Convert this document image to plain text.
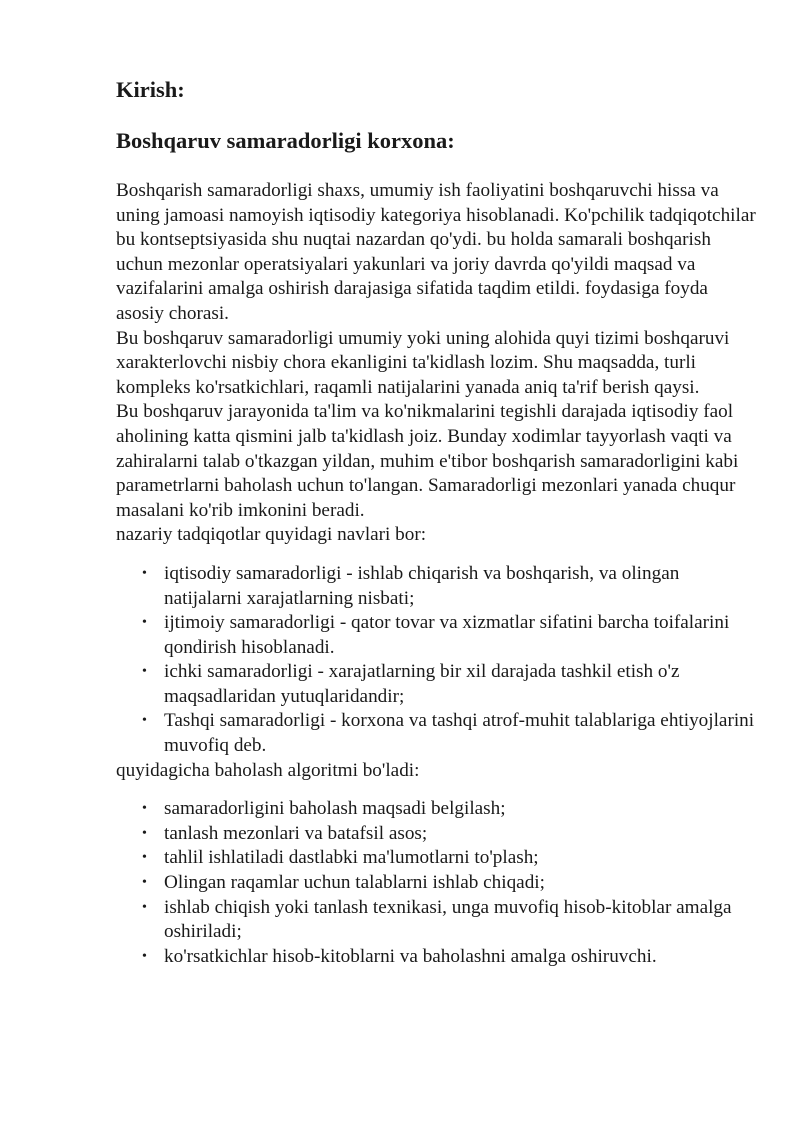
Kirish:
Boshqaruv samaradorligi korxona:

Boshqarish samaradorligi shaxs, umumiy ish faoliyatini boshqaruvchi hissa va uning jamoasi namoyish iqtisodiy kategoriya hisoblanadi. Ko'pchilik tadqiqotchilar bu kontseptsiyasida shu nuqtai nazardan qo'ydi. bu holda samarali boshqarish uchun mezonlar operatsiyalari yakunlari va joriy davrda qo'yildi maqsad va vazifalarini amalga oshirish darajasiga sifatida taqdim etildi. foydasiga foyda asosiy chorasi.

Bu boshqaruv samaradorligi umumiy yoki uning alohida quyi tizimi boshqaruvi xarakterlovchi nisbiy chora ekanligini ta'kidlash lozim. Shu maqsadda, turli kompleks ko'rsatkichlari, raqamli natijalarini yanada aniq ta'rif berish qaysi.

Bu boshqaruv jarayonida ta'lim va ko'nikmalarini tegishli darajada iqtisodiy faol aholining katta qismini jalb ta'kidlash joiz. Bunday xodimlar tayyorlash vaqti va zahiralarni talab o'tkazgan yildan, muhim e'tibor boshqarish samaradorligini kabi parametrlarni baholash uchun to'langan. Samaradorligi mezonlari yanada chuqur masalani ko'rib imkonini beradi.

nazariy tadqiqotlar quyidagi navlari bor:

• iqtisodiy samaradorligi - ishlab chiqarish va boshqarish, va olingan natijalarni xarajatlarning nisbati;
• ijtimoiy samaradorligi - qator tovar va xizmatlar sifatini barcha toifalarini qondirish hisoblanadi.
• ichki samaradorligi - xarajatlarning bir xil darajada tashkil etish o'z maqsadlaridan yutuqlaridandir;
• Tashqi samaradorligi - korxona va tashqi atrof-muhit talablariga ehtiyojlarini muvofiq deb.

quyidagicha baholash algoritmi bo'ladi:

• samaradorligini baholash maqsadi belgilash;
• tanlash mezonlari va batafsil asos;
• tahlil ishlatiladi dastlabki ma'lumotlarni to'plash;
• Olingan raqamlar uchun talablarni ishlab chiqadi;
• ishlab chiqish yoki tanlash texnikasi, unga muvofiq hisob-kitoblar amalga oshiriladi;
• ko'rsatkichlar hisob-kitoblarni va baholashni amalga oshiruvchi.
